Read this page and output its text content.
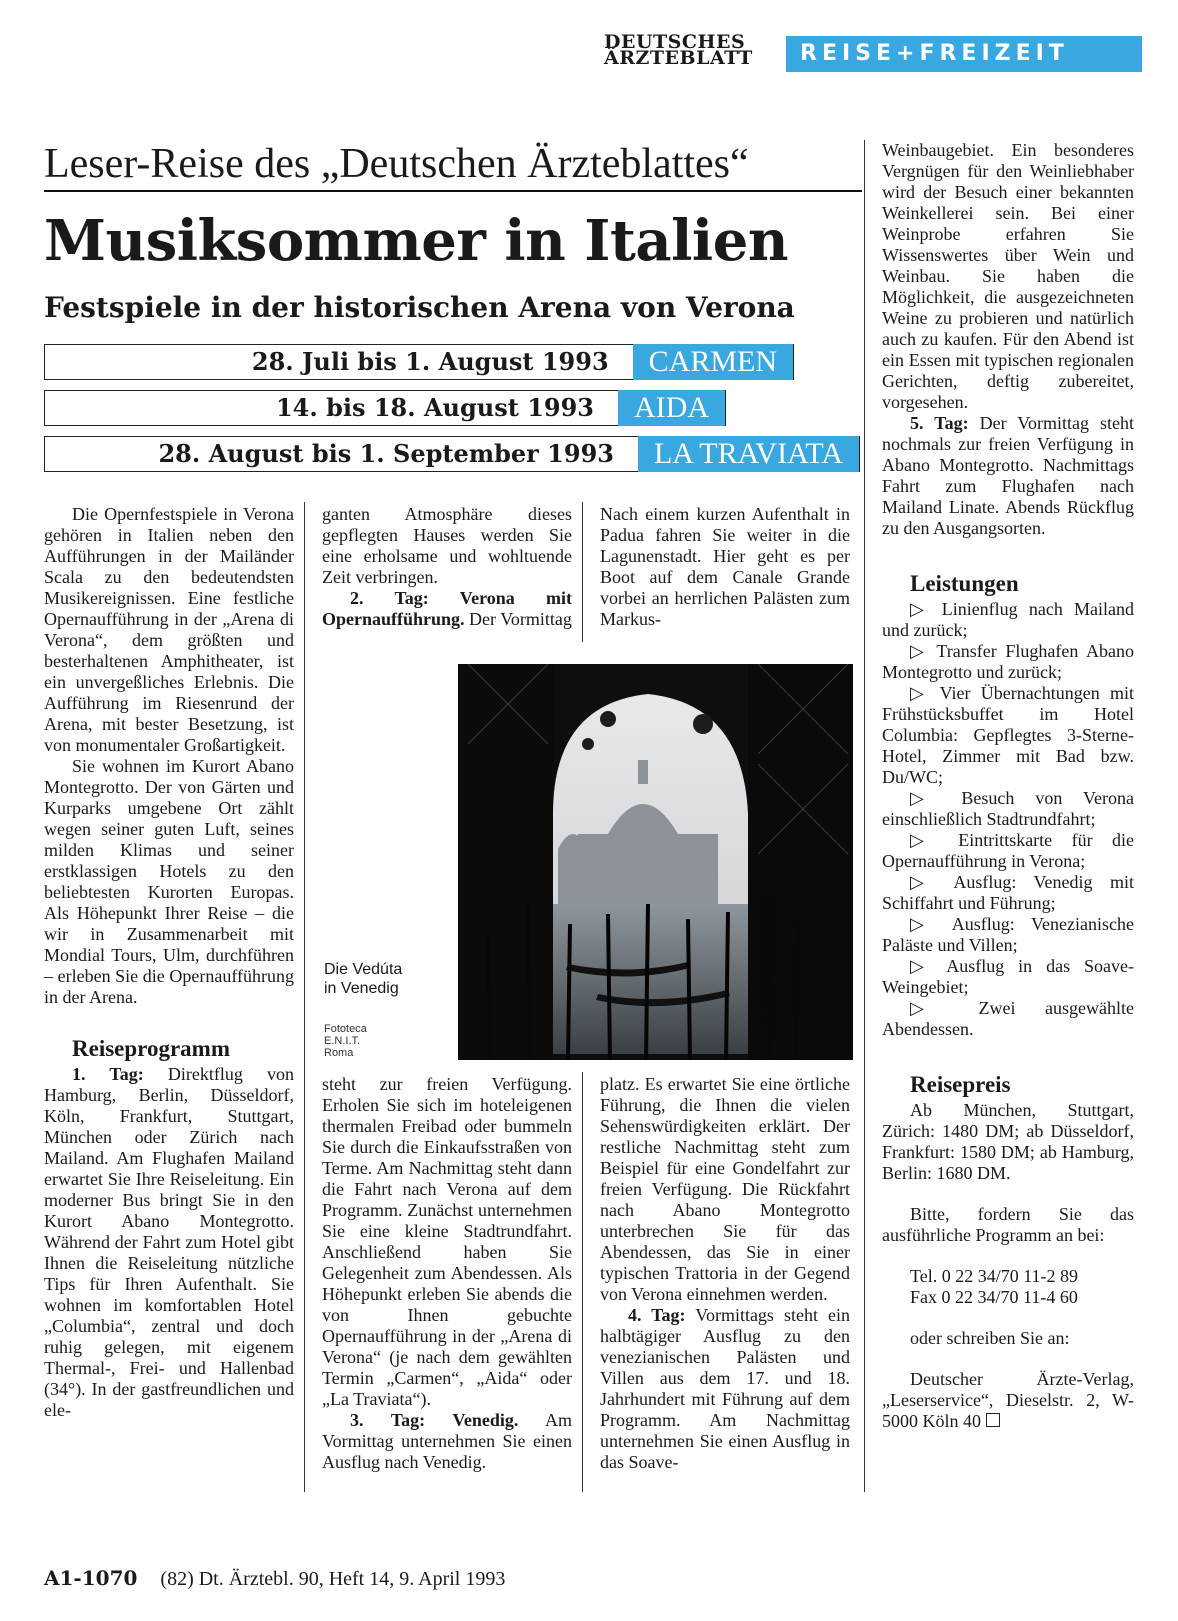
DEUTSCHES
ÄRZTEBLATT	REISE+FREIZEIT
Leser-Reise des „Deutschen Ärzteblattes“
Musiksommer in Italien
Festspiele in der historischen Arena von Verona
28. Juli bis 1. August 1993	CARMEN
14. bis 18. August 1993	AIDA
28. August bis 1. September 1993	LA TRAVIATA

Die Opernfestspiele in Verona gehören in Italien neben den Aufführungen in der Mailänder Scala zu den bedeutendsten Musikereignissen. Eine festliche Opernaufführung in der „Arena di Verona“, dem größten und besterhaltenen Amphitheater, ist ein unvergeßliches Erlebnis. Die Aufführung im Riesenrund der Arena, mit bester Besetzung, ist von monumentaler Großartigkeit.

Sie wohnen im Kurort Abano Montegrotto. Der von Gärten und Kurparks umgebene Ort zählt wegen seiner guten Luft, seines milden Klimas und seiner erstklassigen Hotels zu den beliebtesten Kurorten Europas. Als Höhepunkt Ihrer Reise – die wir in Zusammenarbeit mit Mondial Tours, Ulm, durchführen – erleben Sie die Opernaufführung in der Arena.

Reiseprogramm

1. Tag: Direktflug von Hamburg, Berlin, Düsseldorf, Köln, Frankfurt, Stuttgart, München oder Zürich nach Mailand. Am Flughafen Mailand erwartet Sie Ihre Reiseleitung. Ein moderner Bus bringt Sie in den Kurort Abano Montegrotto. Während der Fahrt zum Hotel gibt Ihnen die Reiseleitung nützliche Tips für Ihren Aufenthalt. Sie wohnen im komfortablen Hotel „Columbia“, zentral und doch ruhig gelegen, mit eigenem Thermal-, Frei- und Hallenbad (34°). In der gastfreundlichen und ele-

ganten Atmosphäre dieses gepflegten Hauses werden Sie eine erholsame und wohltuende Zeit verbringen.

2. Tag: Verona mit Opernaufführung. Der Vormittag

Nach einem kurzen Aufenthalt in Padua fahren Sie weiter in die Lagunenstadt. Hier geht es per Boot auf dem Canale Grande vorbei an herrlichen Palästen zum Markus-

Die Vedúta
in Venedig
Fototeca
E.N.I.T.
Roma

steht zur freien Verfügung. Erholen Sie sich im hoteleigenen thermalen Freibad oder bummeln Sie durch die Einkaufsstraßen von Terme. Am Nachmittag steht dann die Fahrt nach Verona auf dem Programm. Zunächst unternehmen Sie eine kleine Stadtrundfahrt. Anschließend haben Sie Gelegenheit zum Abendessen. Als Höhepunkt erleben Sie abends die von Ihnen gebuchte Opernaufführung in der „Arena di Verona“ (je nach dem gewählten Termin „Carmen“, „Aida“ oder „La Traviata“).

3. Tag: Venedig. Am Vormittag unternehmen Sie einen Ausflug nach Venedig.

platz. Es erwartet Sie eine örtliche Führung, die Ihnen die vielen Sehenswürdigkeiten erklärt. Der restliche Nachmittag steht zum Beispiel für eine Gondelfahrt zur freien Verfügung. Die Rückfahrt nach Abano Montegrotto unterbrechen Sie für das Abendessen, das Sie in einer typischen Trattoria in der Gegend von Verona einnehmen werden.

4. Tag: Vormittags steht ein halbtägiger Ausflug zu den venezianischen Palästen und Villen aus dem 17. und 18. Jahrhundert mit Führung auf dem Programm. Am Nachmittag unternehmen Sie einen Ausflug in das Soave-

Weinbaugebiet. Ein besonderes Vergnügen für den Weinliebhaber wird der Besuch einer bekannten Weinkellerei sein. Bei einer Weinprobe erfahren Sie Wissenswertes über Wein und Weinbau. Sie haben die Möglichkeit, die ausgezeichneten Weine zu probieren und natürlich auch zu kaufen. Für den Abend ist ein Essen mit typischen regionalen Gerichten, deftig zubereitet, vorgesehen.

5. Tag: Der Vormittag steht nochmals zur freien Verfügung in Abano Montegrotto. Nachmittags Fahrt zum Flughafen nach Mailand Linate. Abends Rückflug zu den Ausgangsorten.

Leistungen
▷ Linienflug nach Mailand und zurück;
▷ Transfer Flughafen Abano Montegrotto und zurück;
▷ Vier Übernachtungen mit Frühstücksbuffet im Hotel Columbia: Gepflegtes 3-Sterne-Hotel, Zimmer mit Bad bzw. Du/WC;
▷ Besuch von Verona einschließlich Stadtrundfahrt;
▷ Eintrittskarte für die Opernaufführung in Verona;
▷ Ausflug: Venedig mit Schiffahrt und Führung;
▷ Ausflug: Venezianische Paläste und Villen;
▷ Ausflug in das Soave-Weingebiet;
▷ Zwei ausgewählte Abendessen.
Reisepreis

Ab München, Stuttgart, Zürich: 1480 DM; ab Düsseldorf, Frankfurt: 1580 DM; ab Hamburg, Berlin: 1680 DM.

Bitte, fordern Sie das ausführliche Programm an bei:

Tel. 0 22 34/70 11-2 89

Fax 0 22 34/70 11-4 60

oder schreiben Sie an:

Deutscher Ärzte-Verlag, „Leserservice“, Dieselstr. 2, W-5000 Köln 40

A1-1070 (82) Dt. Ärztebl. 90, Heft 14, 9. April 1993
